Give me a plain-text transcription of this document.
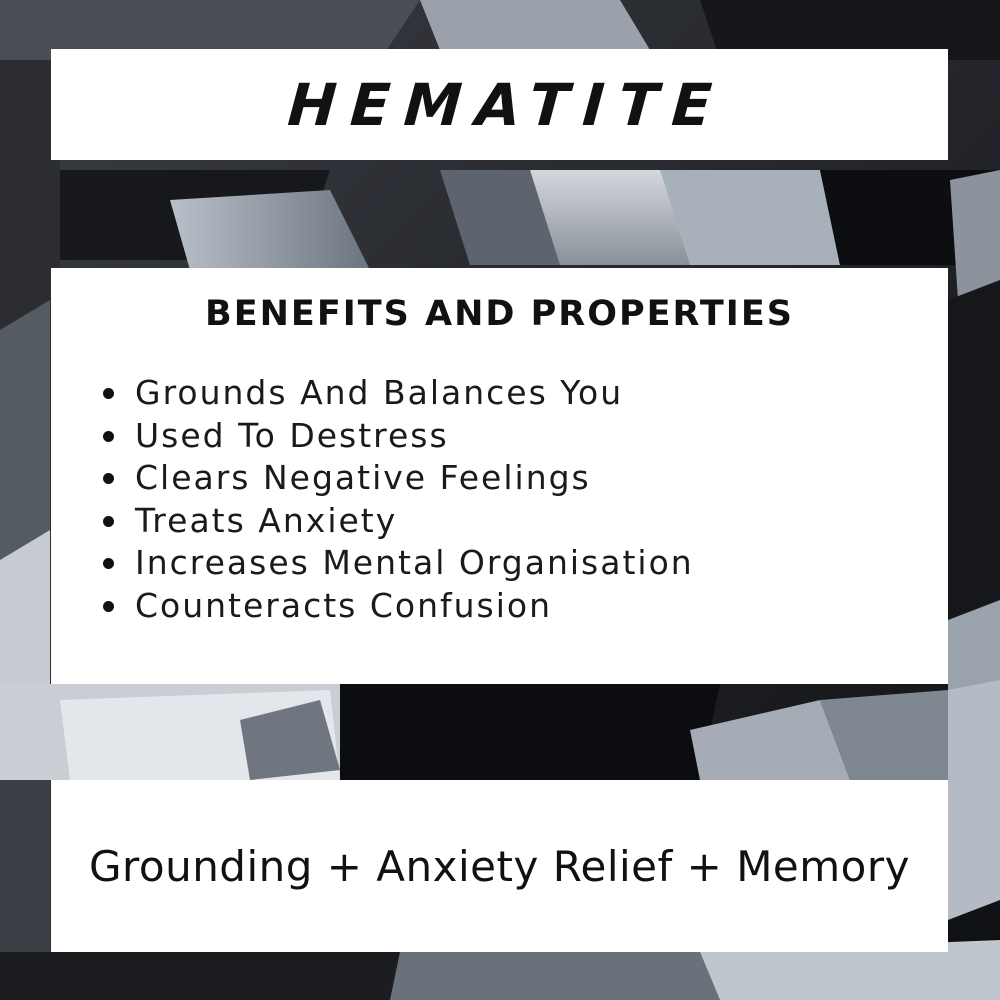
HEMATITE
BENEFITS AND PROPERTIES
Grounds And Balances You
Used To Destress
Clears Negative Feelings
Treats Anxiety
Increases Mental Organisation
Counteracts Confusion
Grounding + Anxiety Relief + Memory
